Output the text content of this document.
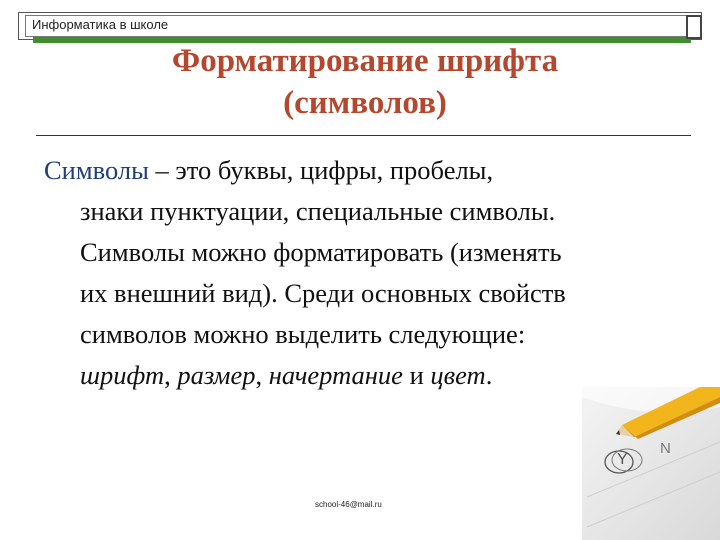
Информатика в школе
Форматирование шрифта
(символов)
Символы – это буквы, цифры, пробелы,
знаки пунктуации, специальные символы.
Символы можно форматировать (изменять
их внешний вид). Среди основных свойств
символов можно выделить следующие:
шрифт, размер, начертание и цвет.
Y
N
school-46@mail.ru
